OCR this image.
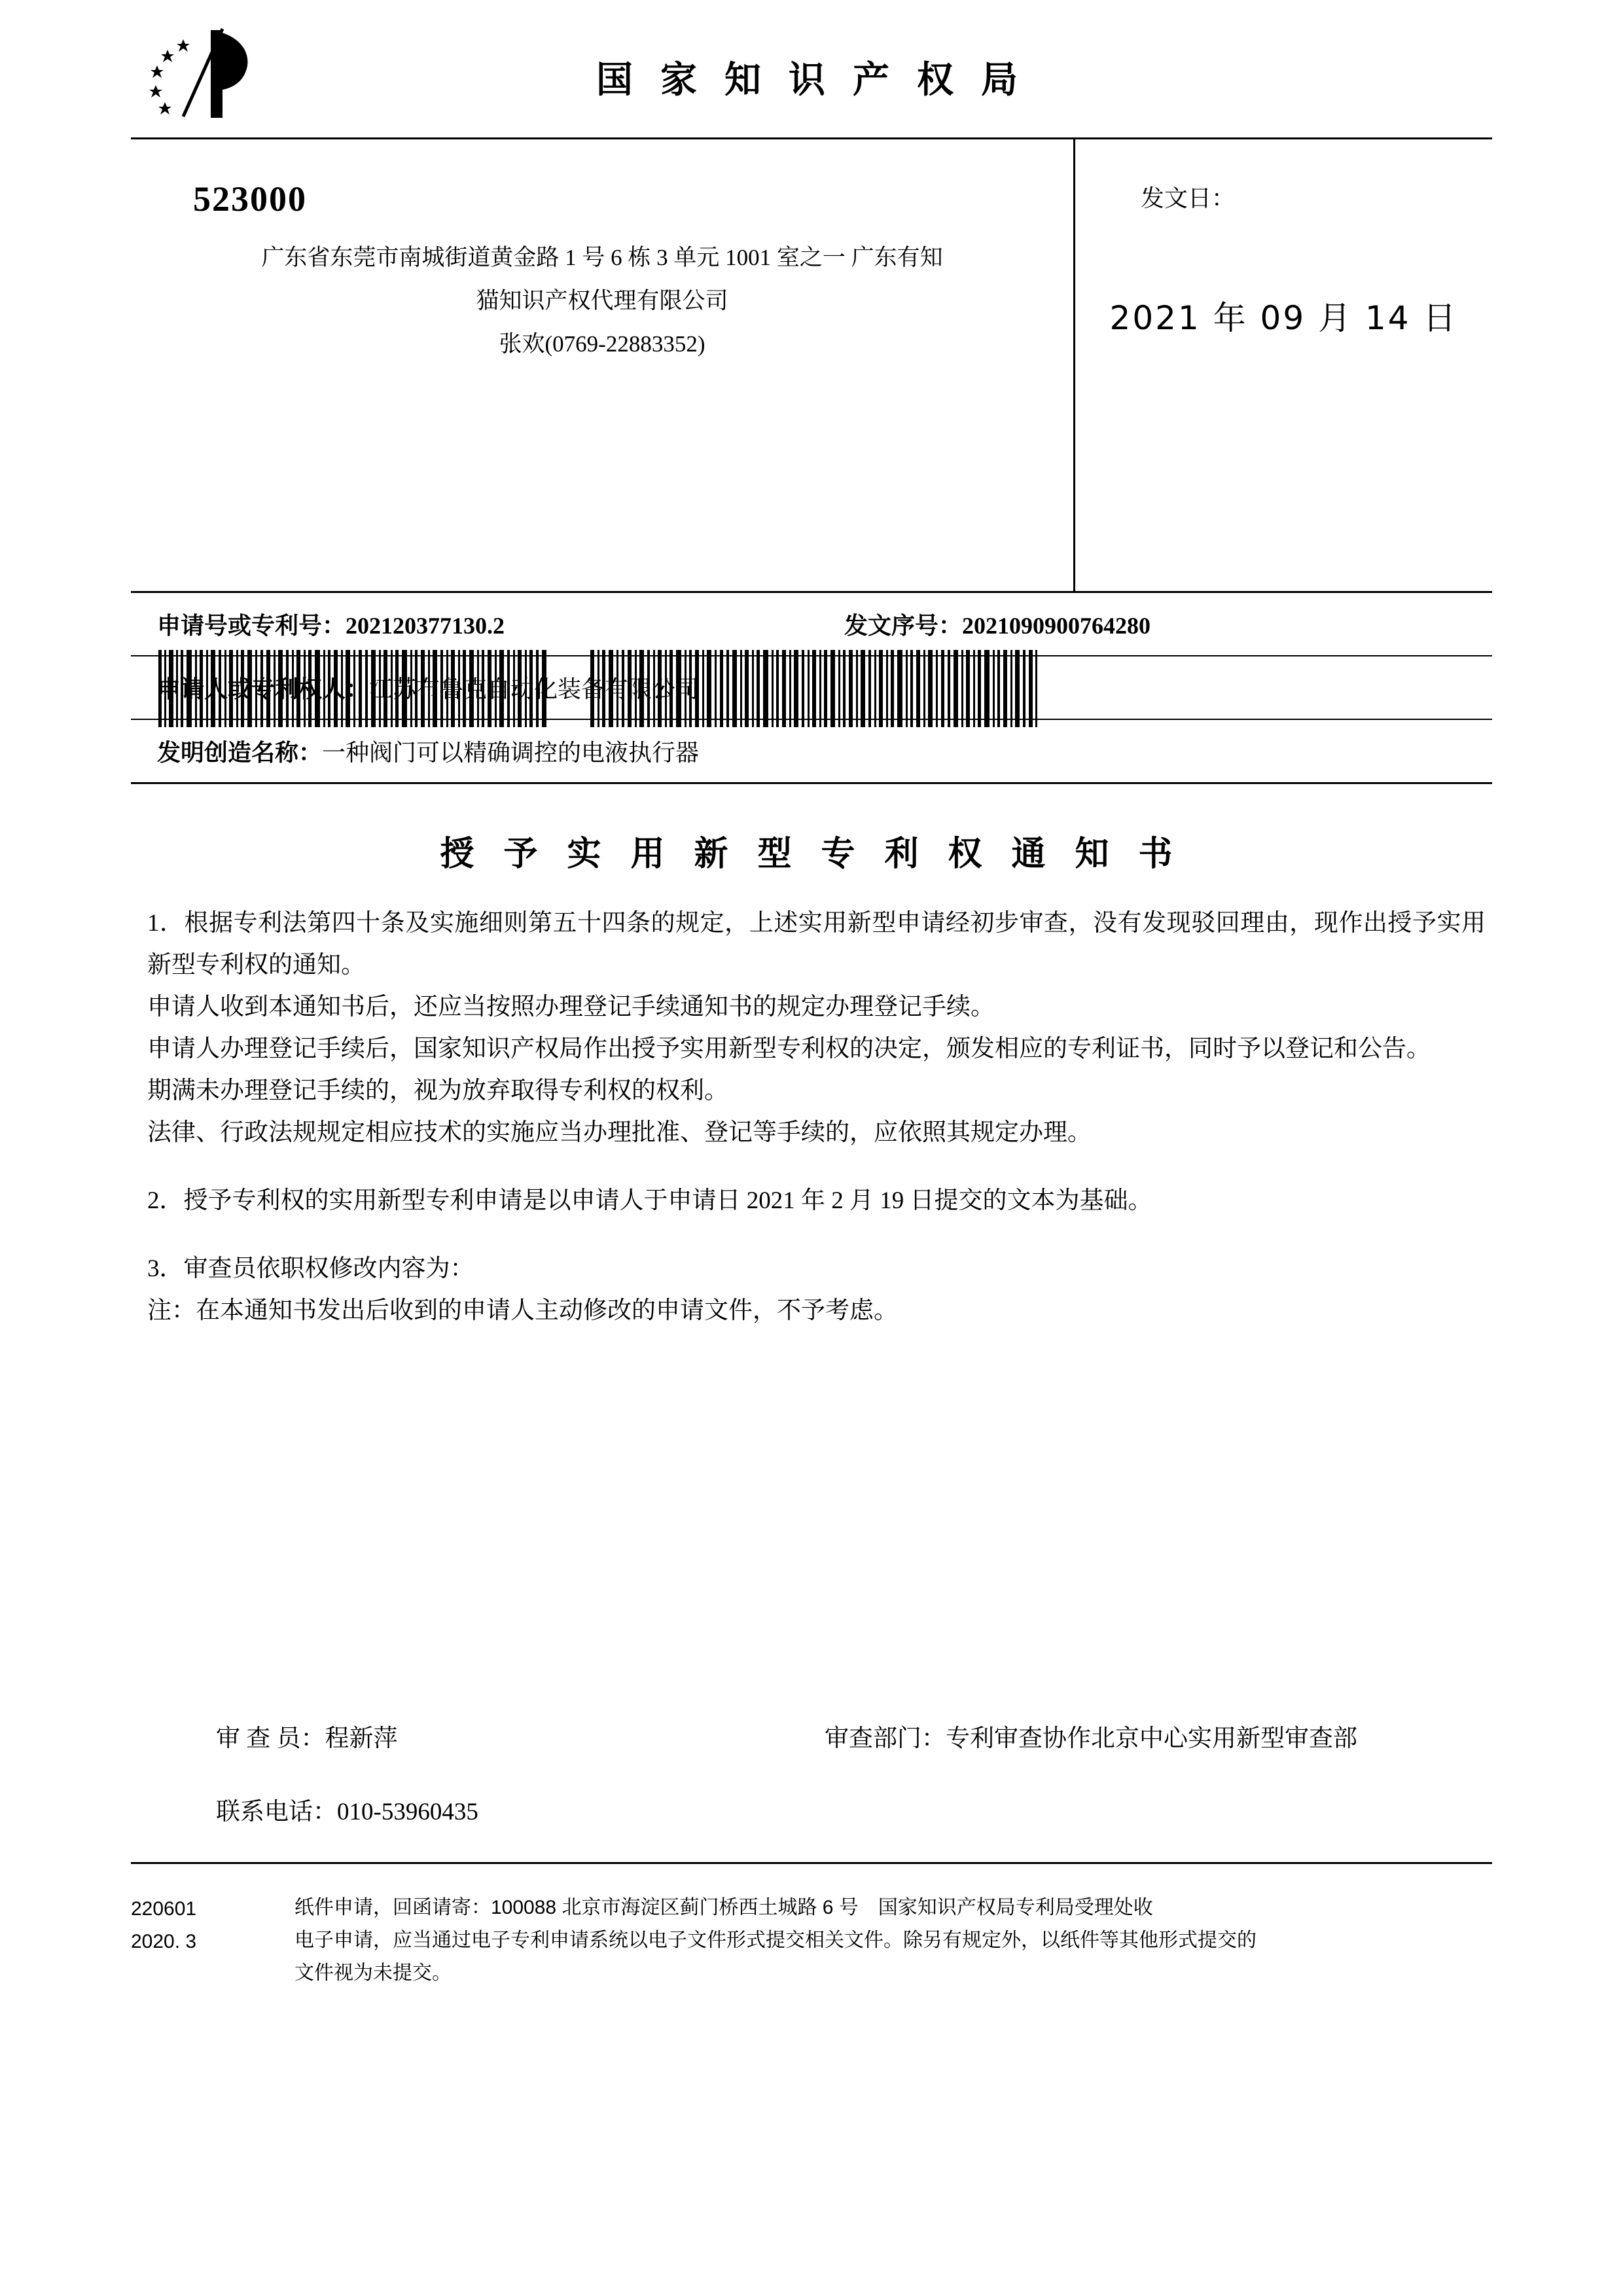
国 家 知 识 产 权 局
523000
广东省东莞市南城街道黄金路 1 号 6 栋 3 单元 1001 室之一 广东有知
猫知识产权代理有限公司
张欢(0769-22883352)
发文日：
2021 年 09 月 14 日
申请号或专利号：202120377130.2	发文序号：2021090900764280
申请人或专利权人：江苏布鲁克自动化装备有限公司
发明创造名称：一种阀门可以精确调控的电液执行器
授 予 实 用 新 型 专 利 权 通 知 书

1．根据专利法第四十条及实施细则第五十四条的规定，上述实用新型申请经初步审查，没有发现驳回理由，现作出授予实用新型专利权的通知。

申请人收到本通知书后，还应当按照办理登记手续通知书的规定办理登记手续。

申请人办理登记手续后，国家知识产权局作出授予实用新型专利权的决定，颁发相应的专利证书，同时予以登记和公告。

期满未办理登记手续的，视为放弃取得专利权的权利。

法律、行政法规规定相应技术的实施应当办理批准、登记等手续的，应依照其规定办理。

2．授予专利权的实用新型专利申请是以申请人于申请日 2021 年 2 月 19 日提交的文本为基础。

3．审查员依职权修改内容为：

注：在本通知书发出后收到的申请人主动修改的申请文件，不予考虑。

审 查 员：程新萍	审查部门：专利审查协作北京中心实用新型审查部
联系电话：010-53960435
220601
2020. 3

纸件申请，回函请寄：100088 北京市海淀区蓟门桥西土城路 6 号　国家知识产权局专利局受理处收

电子申请，应当通过电子专利申请系统以电子文件形式提交相关文件。除另有规定外，以纸件等其他形式提交的

文件视为未提交。
